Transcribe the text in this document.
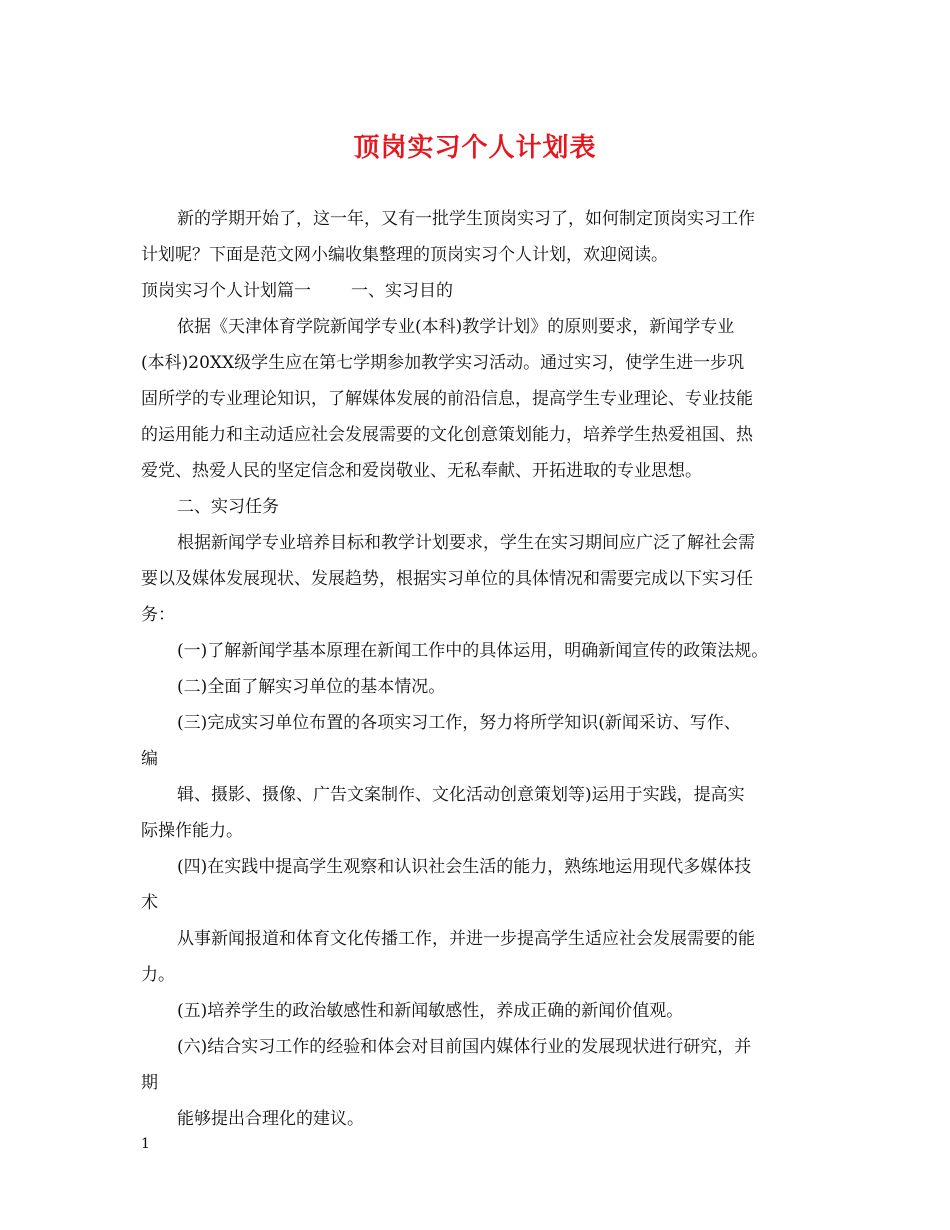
顶岗实习个人计划表

新的学期开始了，这一年，又有一批学生顶岗实习了，如何制定顶岗实习工作

计划呢？下面是范文网小编收集整理的顶岗实习个人计划，欢迎阅读。

顶岗实习个人计划篇一 一、实习目的

依据《天津体育学院新闻学专业(本科)教学计划》的原则要求，新闻学专业

(本科)20XX级学生应在第七学期参加教学实习活动。通过实习，使学生进一步巩

固所学的专业理论知识，了解媒体发展的前沿信息，提高学生专业理论、专业技能

的运用能力和主动适应社会发展需要的文化创意策划能力，培养学生热爱祖国、热

爱党、热爱人民的坚定信念和爱岗敬业、无私奉献、开拓进取的专业思想。

二、实习任务

根据新闻学专业培养目标和教学计划要求，学生在实习期间应广泛了解社会需

要以及媒体发展现状、发展趋势，根据实习单位的具体情况和需要完成以下实习任

务：

(一)了解新闻学基本原理在新闻工作中的具体运用，明确新闻宣传的政策法规。

(二)全面了解实习单位的基本情况。

(三)完成实习单位布置的各项实习工作，努力将所学知识(新闻采访、写作、

编

辑、摄影、摄像、广告文案制作、文化活动创意策划等)运用于实践，提高实

际操作能力。

(四)在实践中提高学生观察和认识社会生活的能力，熟练地运用现代多媒体技

术

从事新闻报道和体育文化传播工作，并进一步提高学生适应社会发展需要的能

力。

(五)培养学生的政治敏感性和新闻敏感性，养成正确的新闻价值观。

(六)结合实习工作的经验和体会对目前国内媒体行业的发展现状进行研究，并

期

能够提出合理化的建议。

1
